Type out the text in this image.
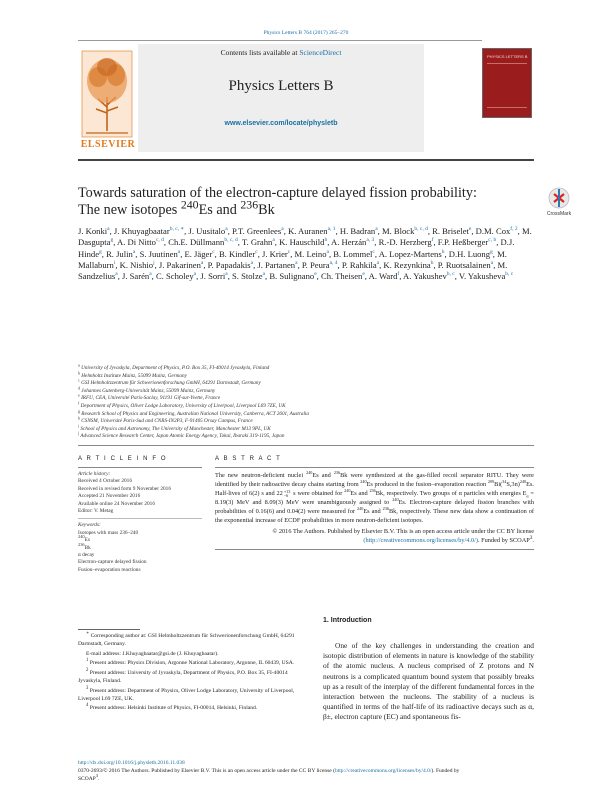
Physics Letters B 764 (2017) 265–270
ELSEVIER
Contents lists available at ScienceDirect
Physics Letters B
www.elsevier.com/locate/physletb
PHYSICS LETTERS B
Towards saturation of the electron-capture delayed fission probability:
The new isotopes $^{240}$Es and $^{236}$Bk	CrossMark
J. Konki$^a$, J. Khuyagbaatar$^{b, c, ∗}$, J. Uusitalo$^a$, P.T. Greenlees$^a$, K. Auranen$^{a, 1}$, H. Badran$^a$, M. Block$^{b, c, d}$, R. Briselet$^e$, D.M. Cox$^{f, 2}$, M. Dasgupta$^g$, A. Di Nitto$^{c, d}$, Ch.E. Düllmann$^{b, c, d}$, T. Grahn$^a$, K. Hauschild$^h$, A. Herzán$^{a, 3}$, R.-D. Herzberg$^f$, F.P. Heßberger$^{c, b}$, D.J. Hinde$^g$, R. Julin$^a$, S. Juutinen$^a$, E. Jäger$^c$, B. Kindler$^c$, J. Krier$^c$, M. Leino$^a$, B. Lommel$^c$, A. Lopez-Martens$^h$, D.H. Luong$^g$, M. Mallaburn$^i$, K. Nishio$^j$, J. Pakarinen$^a$, P. Papadakis$^a$, J. Partanen$^a$, P. Peura$^{a, 4}$, P. Rahkila$^a$, K. Rezynkina$^h$, P. Ruotsalainen$^a$, M. Sandzelius$^a$, J. Sarén$^a$, C. Scholey$^a$, J. Sorri$^a$, S. Stolze$^a$, B. Sulignano$^e$, Ch. Theisen$^e$, A. Ward$^f$, A. Yakushev$^{b, c}$, V. Yakusheva$^{b, c}$
$^a$ University of Jyvaskyla, Department of Physics, P.O. Box 35, FI-40014 Jyvaskyla, Finland
$^b$ Helmholtz Institute Mainz, 55099 Mainz, Germany
$^c$ GSI Helmholtzzentrum für Schwerionenforschung GmbH, 64291 Darmstadt, Germany
$^d$ Johannes Gutenberg-Universität Mainz, 55099 Mainz, Germany
$^e$ IRFU, CEA, Université Paris-Saclay, 91191 Gif-sur-Yvette, France
$^f$ Department of Physics, Oliver Lodge Laboratory, University of Liverpool, Liverpool L69 7ZE, UK
$^g$ Research School of Physics and Engineering, Australian National University, Canberra, ACT 2601, Australia
$^h$ CSNSM, Université Paris-Sud and CNRS-IN2P3, F-91405 Orsay Campus, France
$^i$ School of Physics and Astronomy, The University of Manchester, Manchester M13 9PL, UK
$^j$ Advanced Science Research Center, Japan Atomic Energy Agency, Tokai, Ibaraki 319-1195, Japan
A R T I C L E I N F O
Article history:
Received 4 October 2016
Received in revised form 9 November 2016
Accepted 21 November 2016
Available online 24 November 2016
Editor: V. Metag
Keywords:
Isotopes with mass 236–240
$^{240}$Es
$^{236}$Bk
α decay
Electron-capture delayed fission
Fusion–evaporation reactions
A B S T R A C T
The new neutron-deficient nuclei $^{240}$Es and $^{236}$Bk were synthesized at the gas-filled recoil separator RITU. They were identified by their radioactive decay chains starting from $^{240}$Es produced in the fusion–evaporation reaction $^{209}Bi(^{34}S,3n)^{240}Es$. Half-lives of 6(2) s and 22 +13
−6 s were obtained for $^{240}$Es and $^{236}$Bk, respectively. Two groups of α particles with energies $E_\alpha = 8.19(3)$ MeV and 8.09(3) MeV were unambiguously assigned to $^{240}$Es. Electron-capture delayed fission branches with probabilities of 0.16(6) and 0.04(2) were measured for $^{240}$Es and $^{236}$Bk, respectively. These new data show a continuation of the exponential increase of ECDF probabilities in more neutron-deficient isotopes.
© 2016 The Authors. Published by Elsevier B.V. This is an open access article under the CC BY license
(http://creativecommons.org/licenses/by/4.0/). Funded by SCOAP$^3$.
1. Introduction
One of the key challenges in understanding the creation and isotopic distribution of elements in nature is knowledge of the stability of the atomic nucleus. A nucleus comprised of Z protons and N neutrons is a complicated quantum bound system that possibly breaks up as a result of the interplay of the different fundamental forces in the interaction between the nucleons. The stability of a nucleus is quantified in terms of the half-life of its radioactive decays such as α, β±, electron capture (EC) and spontaneous fis-

∗ Corresponding author at: GSI Helmholtzzentrum für Schwerionenforschung GmbH, 64291 Darmstadt, Germany.

E-mail address: J.Khuyagbaatar@gsi.de (J. Khuyagbaatar).

$^1$ Present address: Physics Division, Argonne National Laboratory, Argonne, IL 60439, USA.

$^2$ Present address: University of Jyvaskyla, Department of Physics, P.O. Box 35, FI-40014 Jyvaskyla, Finland.

$^3$ Present address: Department of Physics, Oliver Lodge Laboratory, University of Liverpool, Liverpool L69 7ZE, UK.

$^4$ Present address: Helsinki Institute of Physics, FI-00014, Helsinki, Finland.

http://dx.doi.org/10.1016/j.physletb.2016.11.038
0370-2693/© 2016 The Authors. Published by Elsevier B.V. This is an open access article under the CC BY license (http://creativecommons.org/licenses/by/4.0/). Funded by
SCOAP$^3$.
